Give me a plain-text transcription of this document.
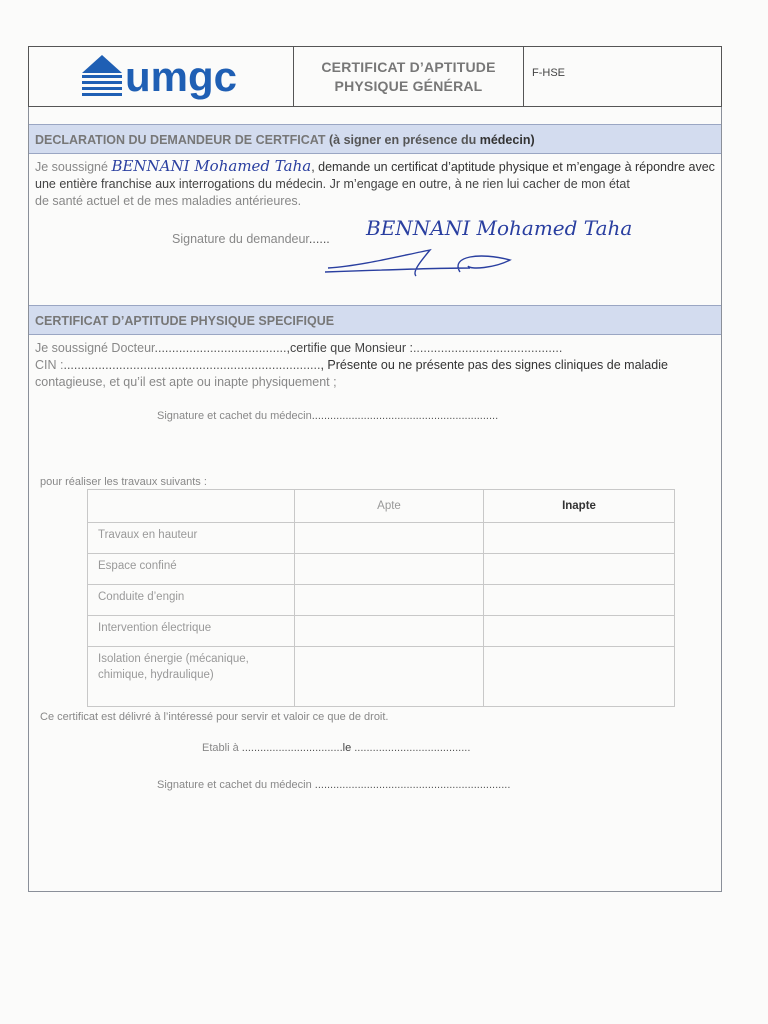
umgc	CERTIFICAT D’APTITUDE
PHYSIQUE GÉNÉRAL
F-HSE
DECLARATION DU DEMANDEUR DE CERTFICAT (à signer en présence du médecin)
Je soussigné BENNANI Mohamed Taha, demande un certificat d’aptitude physique et m’engage à répondre avec
une entière franchise aux interrogations du médecin. Jr m’engage en outre, à ne rien lui cacher de mon état
de santé actuel et de mes maladies antérieures.
Signature du demandeur...... BENNANI Mohamed Taha
CERTIFICAT D’APTITUDE PHYSIQUE SPECIFIQUE
Je soussigné Docteur......................................,certifie que Monsieur :...........................................
CIN :.........................................................................., Présente ou ne présente pas des signes cliniques de maladie
contagieuse, et qu’il est apte ou inapte physiquement ;
Signature et cachet du médecin.............................................................
pour réaliser les travaux suivants :
	Apte	Inapte
Travaux en hauteur		
Espace confiné		
Conduite d’engin		
Intervention électrique		

Isolation énergie (mécanique,
chimique, hydraulique)		

Ce certificat est délivré à l’intéressé pour servir et valoir ce que de droit.
Etabli à .................................le ......................................
Signature et cachet du médecin ................................................................
